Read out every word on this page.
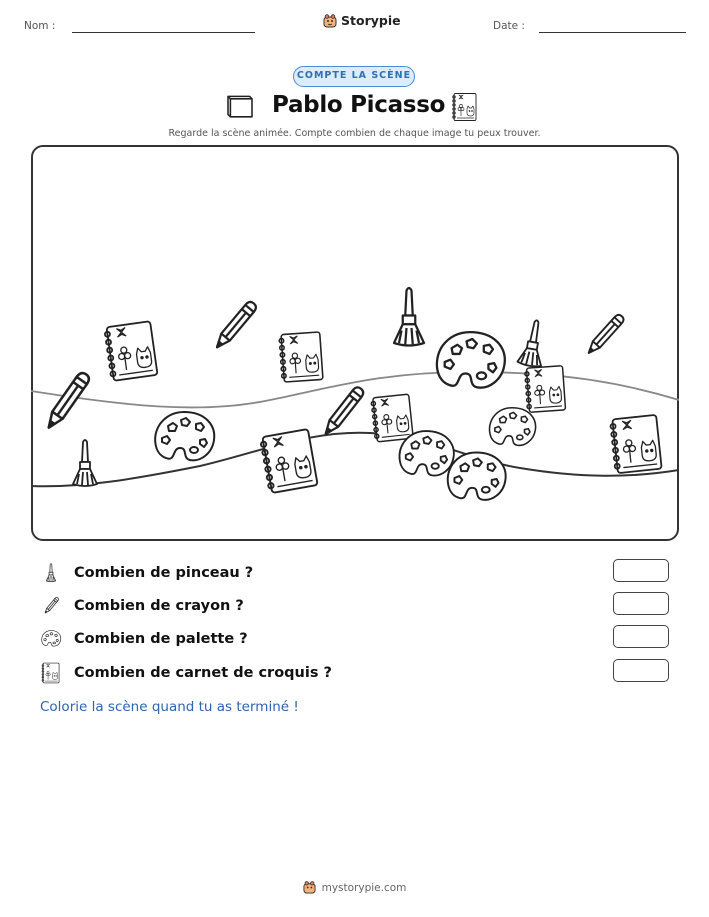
Nom :	Storypie	Date :
COMPTE LA SCÈNE
Pablo Picasso
Regarde la scène animée. Compte combien de chaque image tu peux trouver.
Combien de pinceau ?
Combien de crayon ?
Combien de palette ?
Combien de carnet de croquis ?
Colorie la scène quand tu as terminé !
mystorypie.com
